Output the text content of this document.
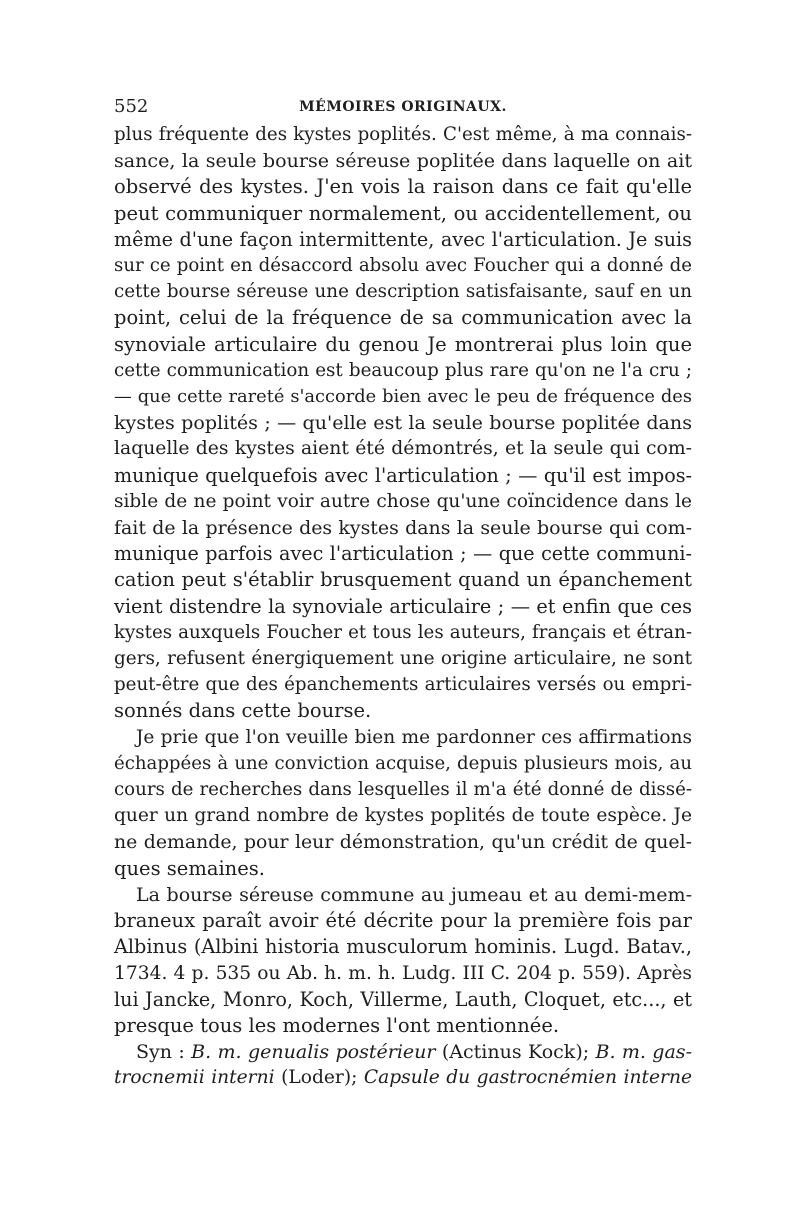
552	MÉMOIRES ORIGINAUX.
plus fréquente des kystes poplités. C'est même, à ma connais-
sance, la seule bourse séreuse poplitée dans laquelle on ait
observé des kystes. J'en vois la raison dans ce fait qu'elle
peut communiquer normalement, ou accidentellement, ou
même d'une façon intermittente, avec l'articulation. Je suis
sur ce point en désaccord absolu avec Foucher qui a donné de
cette bourse séreuse une description satisfaisante, sauf en un
point, celui de la fréquence de sa communication avec la
synoviale articulaire du genou Je montrerai plus loin que
cette communication est beaucoup plus rare qu'on ne l'a cru ;
— que cette rareté s'accorde bien avec le peu de fréquence des
kystes poplités ; — qu'elle est la seule bourse poplitée dans
laquelle des kystes aient été démontrés, et la seule qui com-
munique quelquefois avec l'articulation ; — qu'il est impos-
sible de ne point voir autre chose qu'une coïncidence dans le
fait de la présence des kystes dans la seule bourse qui com-
munique parfois avec l'articulation ; — que cette communi-
cation peut s'établir brusquement quand un épanchement
vient distendre la synoviale articulaire ; — et enfin que ces
kystes auxquels Foucher et tous les auteurs, français et étran-
gers, refusent énergiquement une origine articulaire, ne sont
peut-être que des épanchements articulaires versés ou empri-
sonnés dans cette bourse.
Je prie que l'on veuille bien me pardonner ces affirmations
échappées à une conviction acquise, depuis plusieurs mois, au
cours de recherches dans lesquelles il m'a été donné de dissé-
quer un grand nombre de kystes poplités de toute espèce. Je
ne demande, pour leur démonstration, qu'un crédit de quel-
ques semaines.
La bourse séreuse commune au jumeau et au demi-mem-
braneux paraît avoir été décrite pour la première fois par
Albinus (Albini historia musculorum hominis. Lugd. Batav.,
1734. 4 p. 535 ou Ab. h. m. h. Ludg. III C. 204 p. 559). Après
lui Jancke, Monro, Koch, Villerme, Lauth, Cloquet, etc..., et
presque tous les modernes l'ont mentionnée.
Syn : B. m. genualis postérieur (Actinus Kock); B. m. gas-
trocnemii interni (Loder); Capsule du gastrocnémien interne
